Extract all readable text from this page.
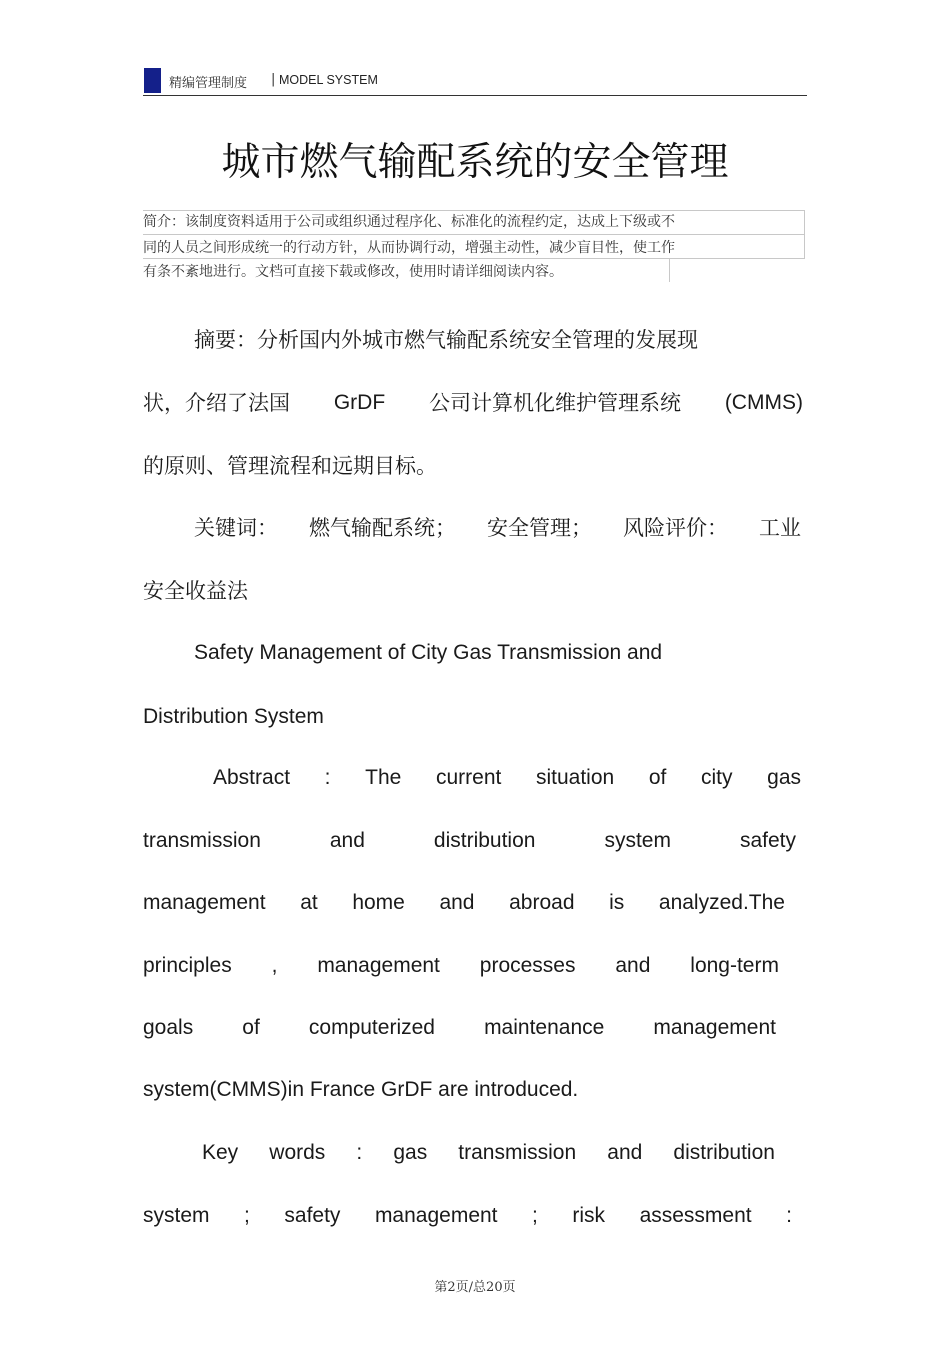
精编管理制度 | MODEL SYSTEM
城市燃气输配系统的安全管理
简介：该制度资料适用于公司或组织通过程序化、标准化的流程约定，达成上下级或不
同的人员之间形成统一的行动方针，从而协调行动，增强主动性，减少盲目性，使工作
有条不紊地进行。文档可直接下载或修改，使用时请详细阅读内容。
摘要：分析国内外城市燃气输配系统安全管理的发展现
状，介绍了法国 GrDF 公司计算机化维护管理系统 (CMMS)
的原则、管理流程和远期目标。
关键词： 燃气输配系统； 安全管理； 风险评价： 工业
安全收益法
Safety Management of City Gas Transmission and
Distribution System
Abstract : The current situation of city gas
transmission	and	distribution	system	safety
management at home and abroad is analyzed.The
principles , management processes and long-term
goals of computerized maintenance management
system(CMMS)in France GrDF are introduced.
Key words : gas transmission and distribution
system ; safety management ; risk assessment :
第2页/总20页
